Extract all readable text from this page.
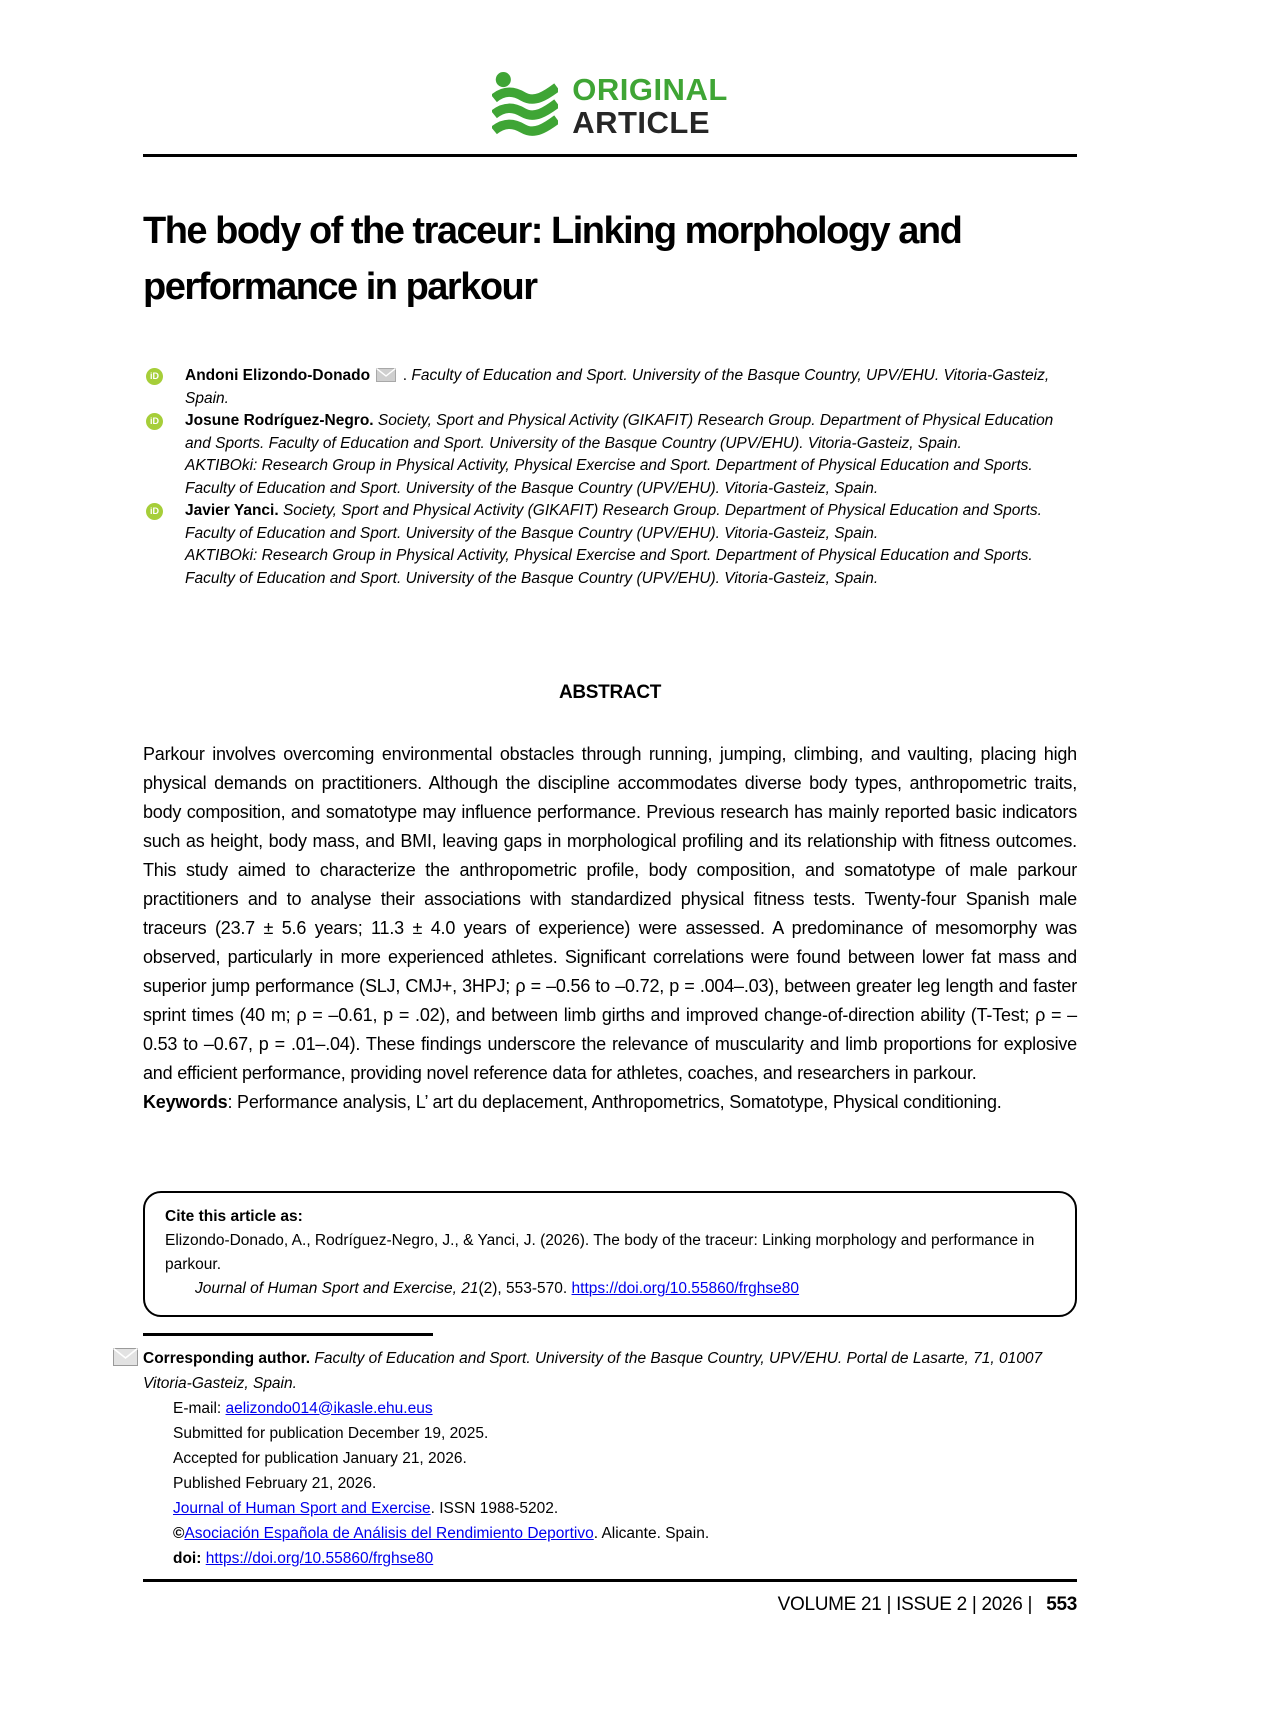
ORIGINAL
ARTICLE
The body of the traceur: Linking morphology and performance in parkour
iD Andoni Elizondo-Donado . Faculty of Education and Sport. University of the Basque Country, UPV/EHU. Vitoria-Gasteiz, Spain.
iD Josune Rodríguez-Negro. Society, Sport and Physical Activity (GIKAFIT) Research Group. Department of Physical Education and Sports. Faculty of Education and Sport. University of the Basque Country (UPV/EHU). Vitoria-Gasteiz, Spain.
AKTIBOki: Research Group in Physical Activity, Physical Exercise and Sport. Department of Physical Education and Sports. Faculty of Education and Sport. University of the Basque Country (UPV/EHU). Vitoria-Gasteiz, Spain.
iD Javier Yanci. Society, Sport and Physical Activity (GIKAFIT) Research Group. Department of Physical Education and Sports. Faculty of Education and Sport. University of the Basque Country (UPV/EHU). Vitoria-Gasteiz, Spain.
AKTIBOki: Research Group in Physical Activity, Physical Exercise and Sport. Department of Physical Education and Sports. Faculty of Education and Sport. University of the Basque Country (UPV/EHU). Vitoria-Gasteiz, Spain.
ABSTRACT

Parkour involves overcoming environmental obstacles through running, jumping, climbing, and vaulting, placing high physical demands on practitioners. Although the discipline accommodates diverse body types, anthropometric traits, body composition, and somatotype may influence performance. Previous research has mainly reported basic indicators such as height, body mass, and BMI, leaving gaps in morphological profiling and its relationship with fitness outcomes. This study aimed to characterize the anthropometric profile, body composition, and somatotype of male parkour practitioners and to analyse their associations with standardized physical fitness tests. Twenty-four Spanish male traceurs (23.7 ± 5.6 years; 11.3 ± 4.0 years of experience) were assessed. A predominance of mesomorphy was observed, particularly in more experienced athletes. Significant correlations were found between lower fat mass and superior jump performance (SLJ, CMJ+, 3HPJ; ρ = –0.56 to –0.72, p = .004–.03), between greater leg length and faster sprint times (40 m; ρ = –0.61, p = .02), and between limb girths and improved change-of-direction ability (T-Test; ρ = –0.53 to –0.67, p = .01–.04). These findings underscore the relevance of muscularity and limb proportions for explosive and efficient performance, providing novel reference data for athletes, coaches, and researchers in parkour.

Keywords: Performance analysis, L’ art du deplacement, Anthropometrics, Somatotype, Physical conditioning.

Cite this article as:
Elizondo-Donado, A., Rodríguez-Negro, J., & Yanci, J. (2026). The body of the traceur: Linking morphology and performance in parkour.
Journal of Human Sport and Exercise, 21(2), 553-570. https://doi.org/10.55860/frghse80

Corresponding author. Faculty of Education and Sport. University of the Basque Country, UPV/EHU. Portal de Lasarte, 71, 01007 Vitoria-Gasteiz, Spain.

E-mail: aelizondo014@ikasle.ehu.eus

Submitted for publication December 19, 2025.

Accepted for publication January 21, 2026.

Published February 21, 2026.

Journal of Human Sport and Exercise. ISSN 1988-5202.

©Asociación Española de Análisis del Rendimiento Deportivo. Alicante. Spain.

doi: https://doi.org/10.55860/frghse80

VOLUME 21 | ISSUE 2 | 2026 | 553
